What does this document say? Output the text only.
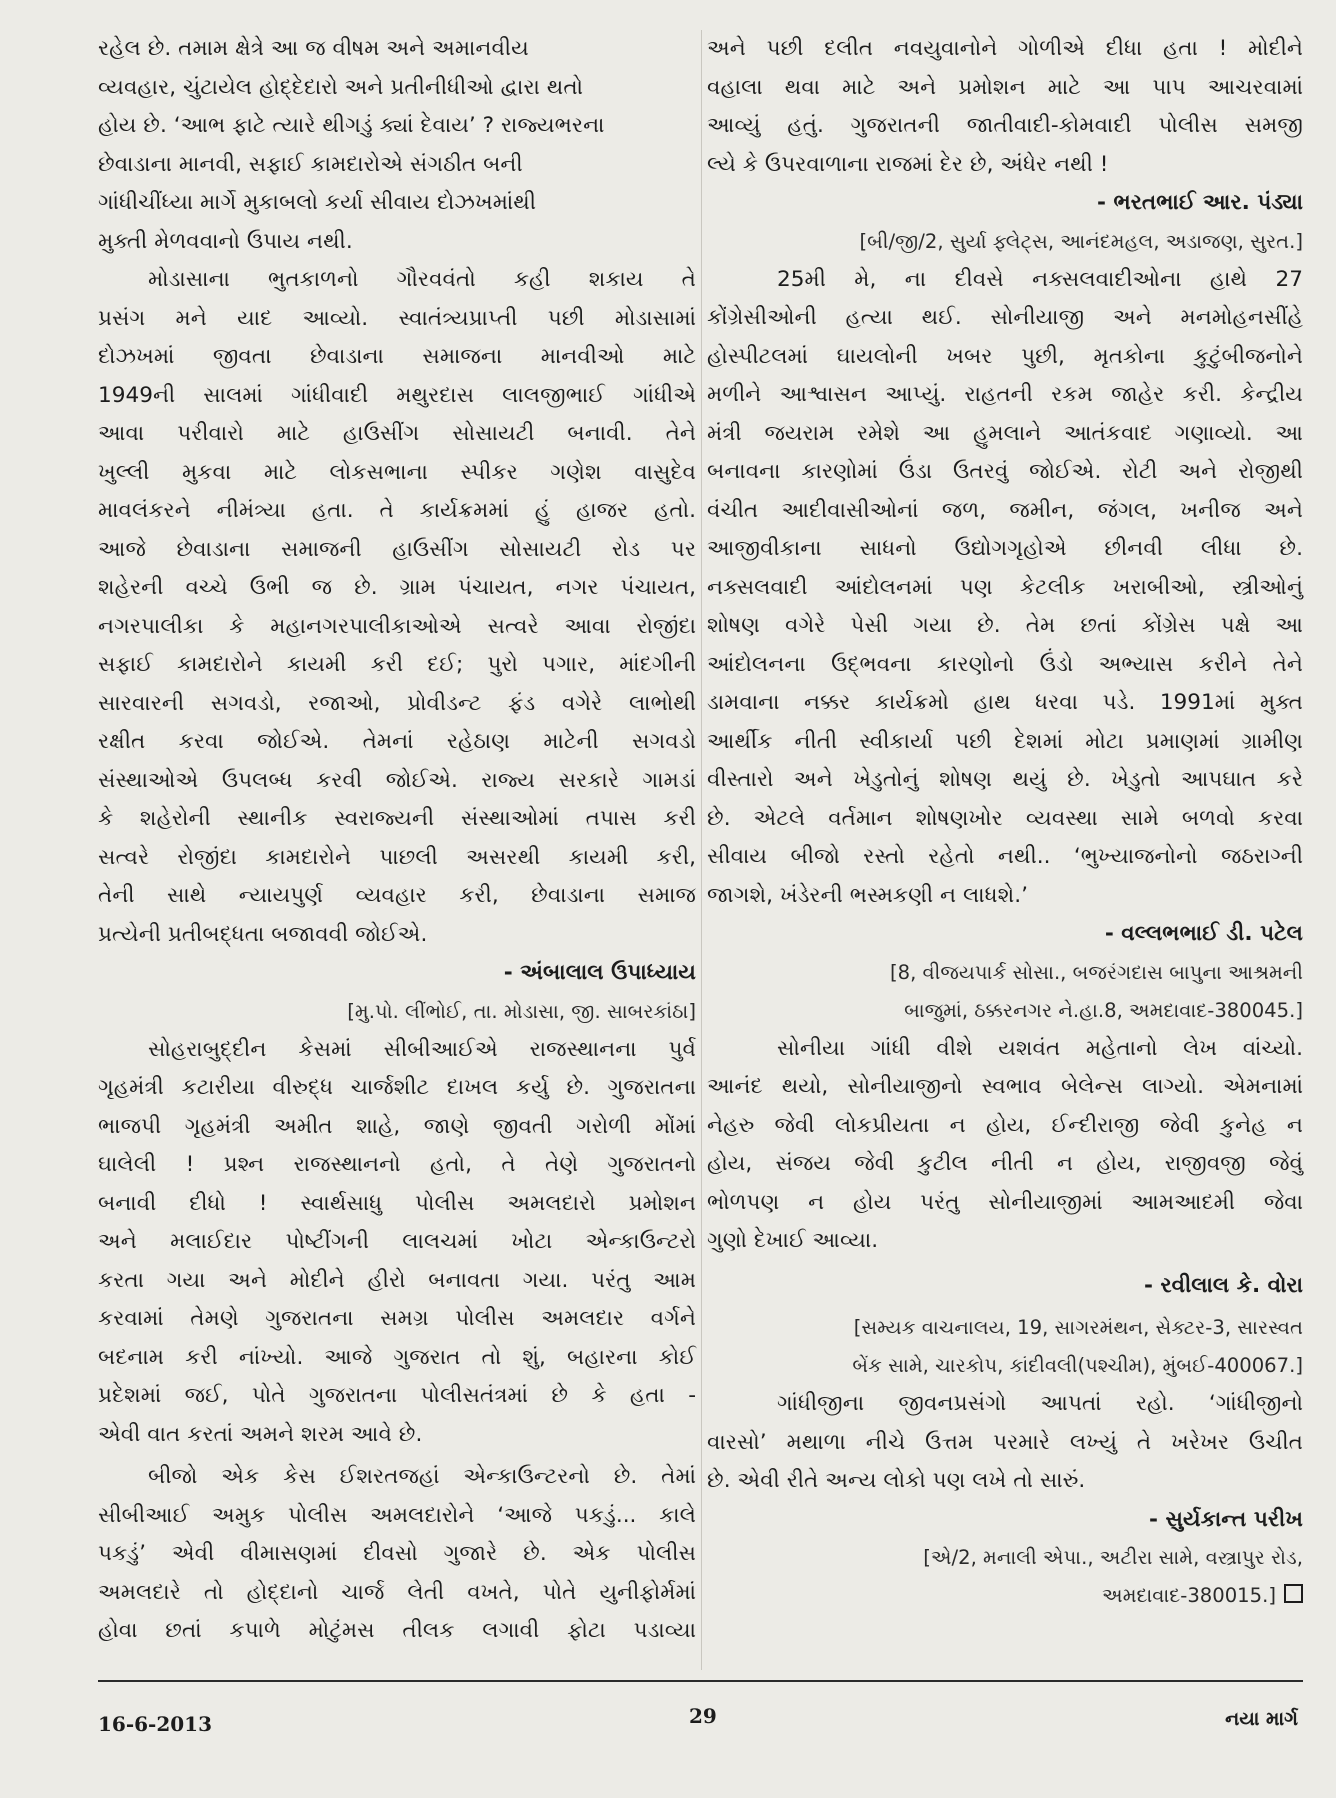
રહેલ છે. તમામ ક્ષેત્રે આ જ વીષમ અને અમાનવીય
વ્યવહાર, ચુંટાયેલ હોદ્દેદારો અને પ્રતીનીધીઓ દ્વારા થતો
હોય છે. ‘આભ ફાટે ત્યારે થીગડું ક્યાં દેવાય’ ? રાજ્યભરના
છેવાડાના માનવી, સફાઈ કામદારોએ સંગઠીત બની
ગાંધીચીંધ્યા માર્ગે મુકાબલો કર્યા સીવાય દોઝખમાંથી
મુક્તી મેળવવાનો ઉપાય નથી.
મોડાસાના ભુતકાળનો ગૌરવવંતો કહી શકાય તે
પ્રસંગ મને યાદ આવ્યો. સ્વાતંત્ર્યપ્રાપ્તી પછી મોડાસામાં
દોઝખમાં જીવતા છેવાડાના સમાજના માનવીઓ માટે
1949ની સાલમાં ગાંધીવાદી મથુરદાસ લાલજીભાઈ ગાંધીએ
આવા પરીવારો માટે હાઉસીંગ સોસાયટી બનાવી. તેને
ખુલ્લી મુકવા માટે લોકસભાના સ્પીકર ગણેશ વાસુદેવ
માવલંકરને નીમંત્ર્યા હતા. તે કાર્યક્રમમાં હું હાજર હતો.
આજે છેવાડાના સમાજની હાઉસીંગ સોસાયટી રોડ પર
શહેરની વચ્ચે ઉભી જ છે. ગ્રામ પંચાયત, નગર પંચાયત,
નગરપાલીકા કે મહાનગરપાલીકાઓએ સત્વરે આવા રોજીંદા
સફાઈ કામદારોને કાયમી કરી દઈ; પુરો પગાર, માંદગીની
સારવારની સગવડો, રજાઓ, પ્રોવીડન્ટ ફંડ વગેરે લાભોથી
રક્ષીત કરવા જોઈએ. તેમનાં રહેઠાણ માટેની સગવડો
સંસ્થાઓએ ઉપલબ્ધ કરવી જોઈએ. રાજ્ય સરકારે ગામડાં
કે શહેરોની સ્થાનીક સ્વરાજ્યની સંસ્થાઓમાં તપાસ કરી
સત્વરે રોજીંદા કામદારોને પાછલી અસરથી કાયમી કરી,
તેની સાથે ન્યાયપુર્ણ વ્યવહાર કરી, છેવાડાના સમાજ
પ્રત્યેની પ્રતીબદ્ધતા બજાવવી જોઈએ.
- અંબાલાલ ઉપાધ્યાય
[મુ.પો. લીંભોઈ, તા. મોડાસા, જી. સાબરકાંઠા]
સોહરાબુદ્દીન કેસમાં સીબીઆઈએ રાજસ્થાનના પુર્વ
ગૃહમંત્રી કટારીયા વીરુદ્ધ ચાર્જશીટ દાખલ કર્યુ છે. ગુજરાતના
ભાજપી ગૃહમંત્રી અમીત શાહે, જાણે જીવતી ગરોળી મોંમાં
ઘાલેલી ! પ્રશ્ન રાજસ્થાનનો હતો, તે તેણે ગુજરાતનો
બનાવી દીધો ! સ્વાર્થસાધુ પોલીસ અમલદારો પ્રમોશન
અને મલાઈદાર પોષ્ટીંગની લાલચમાં ખોટા એન્કાઉન્ટરો
કરતા ગયા અને મોદીને હીરો બનાવતા ગયા. પરંતુ આમ
કરવામાં તેમણે ગુજરાતના સમગ્ર પોલીસ અમલદાર વર્ગને
બદનામ કરી નાંખ્યો. આજે ગુજરાત તો શું, બહારના કોઈ
પ્રદેશમાં જઈ, પોતે ગુજરાતના પોલીસતંત્રમાં છે કે હતા -
એવી વાત કરતાં અમને શરમ આવે છે.
બીજો એક કેસ ઈશરતજહાં એન્કાઉન્ટરનો છે. તેમાં
સીબીઆઈ અમુક પોલીસ અમલદારોને ‘આજે પકડું... કાલે
પકડું’ એવી વીમાસણમાં દીવસો ગુજારે છે. એક પોલીસ
અમલદારે તો હોદ્દાનો ચાર્જ લેતી વખતે, પોતે યુનીફોર્મમાં
હોવા છતાં કપાળે મોટુંમસ તીલક લગાવી ફોટા પડાવ્યા
અને પછી દલીત નવયુવાનોને ગોળીએ દીધા હતા ! મોદીને
વહાલા થવા માટે અને પ્રમોશન માટે આ પાપ આચરવામાં
આવ્યું હતું. ગુજરાતની જાતીવાદી-કોમવાદી પોલીસ સમજી
લ્યે કે ઉપરવાળાના રાજમાં દેર છે, અંધેર નથી !
- ભરતભાઈ આર. પંડ્યા
[બી/જી/2, સુર્યા ફ્લેટ્સ, આનંદમહલ, અડાજણ, સુરત.]
25મી મે, ના દીવસે નક્સલવાદીઓના હાથે 27
કોંગ્રેસીઓની હત્યા થઈ. સોનીયાજી અને મનમોહનસીંહે
હોસ્પીટલમાં ઘાયલોની ખબર પુછી, મૃતકોના કુટુંબીજનોને
મળીને આશ્વાસન આપ્યું. રાહતની રકમ જાહેર કરી. કેન્દ્રીય
મંત્રી જયરામ રમેશે આ હુમલાને આતંકવાદ ગણાવ્યો. આ
બનાવના કારણોમાં ઉંડા ઉતરવું જોઈએ. રોટી અને રોજીથી
વંચીત આદીવાસીઓનાં જળ, જમીન, જંગલ, ખનીજ અને
આજીવીકાના સાધનો ઉદ્યોગગૃહોએ છીનવી લીધા છે.
નક્સલવાદી આંદોલનમાં પણ કેટલીક ખરાબીઓ, સ્ત્રીઓનું
શોષણ વગેરે પેસી ગયા છે. તેમ છતાં કોંગ્રેસ પક્ષે આ
આંદોલનના ઉદ્ભવના કારણોનો ઉંડો અભ્યાસ કરીને તેને
ડામવાના નક્કર કાર્યક્રમો હાથ ધરવા પડે. 1991માં મુક્ત
આર્થીક નીતી સ્વીકાર્યા પછી દેશમાં મોટા પ્રમાણમાં ગ્રામીણ
વીસ્તારો અને ખેડુતોનું શોષણ થયું છે. ખેડુતો આપઘાત કરે
છે. એટલે વર્તમાન શોષણખોર વ્યવસ્થા સામે બળવો કરવા
સીવાય બીજો રસ્તો રહેતો નથી.. ‘ભુખ્યાજનોનો જઠરાગ્ની
જાગશે, ખંડેરની ભસ્મકણી ન લાધશે.’
- વલ્લભભાઈ ડી. પટેલ
[8, વીજયપાર્ક સોસા., બજરંગદાસ બાપુના આશ્રમની
બાજુમાં, ઠક્કરનગર ને.હા.8, અમદાવાદ-380045.]
સોનીયા ગાંધી વીશે યશવંત મહેતાનો લેખ વાંચ્યો.
આનંદ થયો, સોનીયાજીનો સ્વભાવ બેલેન્સ લાગ્યો. એમનામાં
નેહરુ જેવી લોકપ્રીયતા ન હોય, ઈન્દીરાજી જેવી કુનેહ ન
હોય, સંજય જેવી કુટીલ નીતી ન હોય, રાજીવજી જેવું
ભોળપણ ન હોય પરંતુ સોનીયાજીમાં આમઆદમી જેવા
ગુણો દેખાઈ આવ્યા.
- રવીલાલ કે. વોરા
[સમ્યક વાચનાલય, 19, સાગરમંથન, સેક્ટર-3, સારસ્વત
બેંક સામે, ચારકોપ, કાંદીવલી(પશ્ચીમ), મુંબઈ-400067.]
ગાંધીજીના જીવનપ્રસંગો આપતાં રહો. ‘ગાંધીજીનો
વારસો’ મથાળા નીચે ઉત્તમ પરમારે લખ્યું તે ખરેખર ઉચીત
છે. એવી રીતે અન્ય લોકો પણ લખે તો સારું.
- સુર્યકાન્ત પરીખ
[એ/2, મનાલી એપા., અટીરા સામે, વસ્ત્રાપુર રોડ,
અમદાવાદ-380015.]
16-6-2013	29	નયા માર્ગ
